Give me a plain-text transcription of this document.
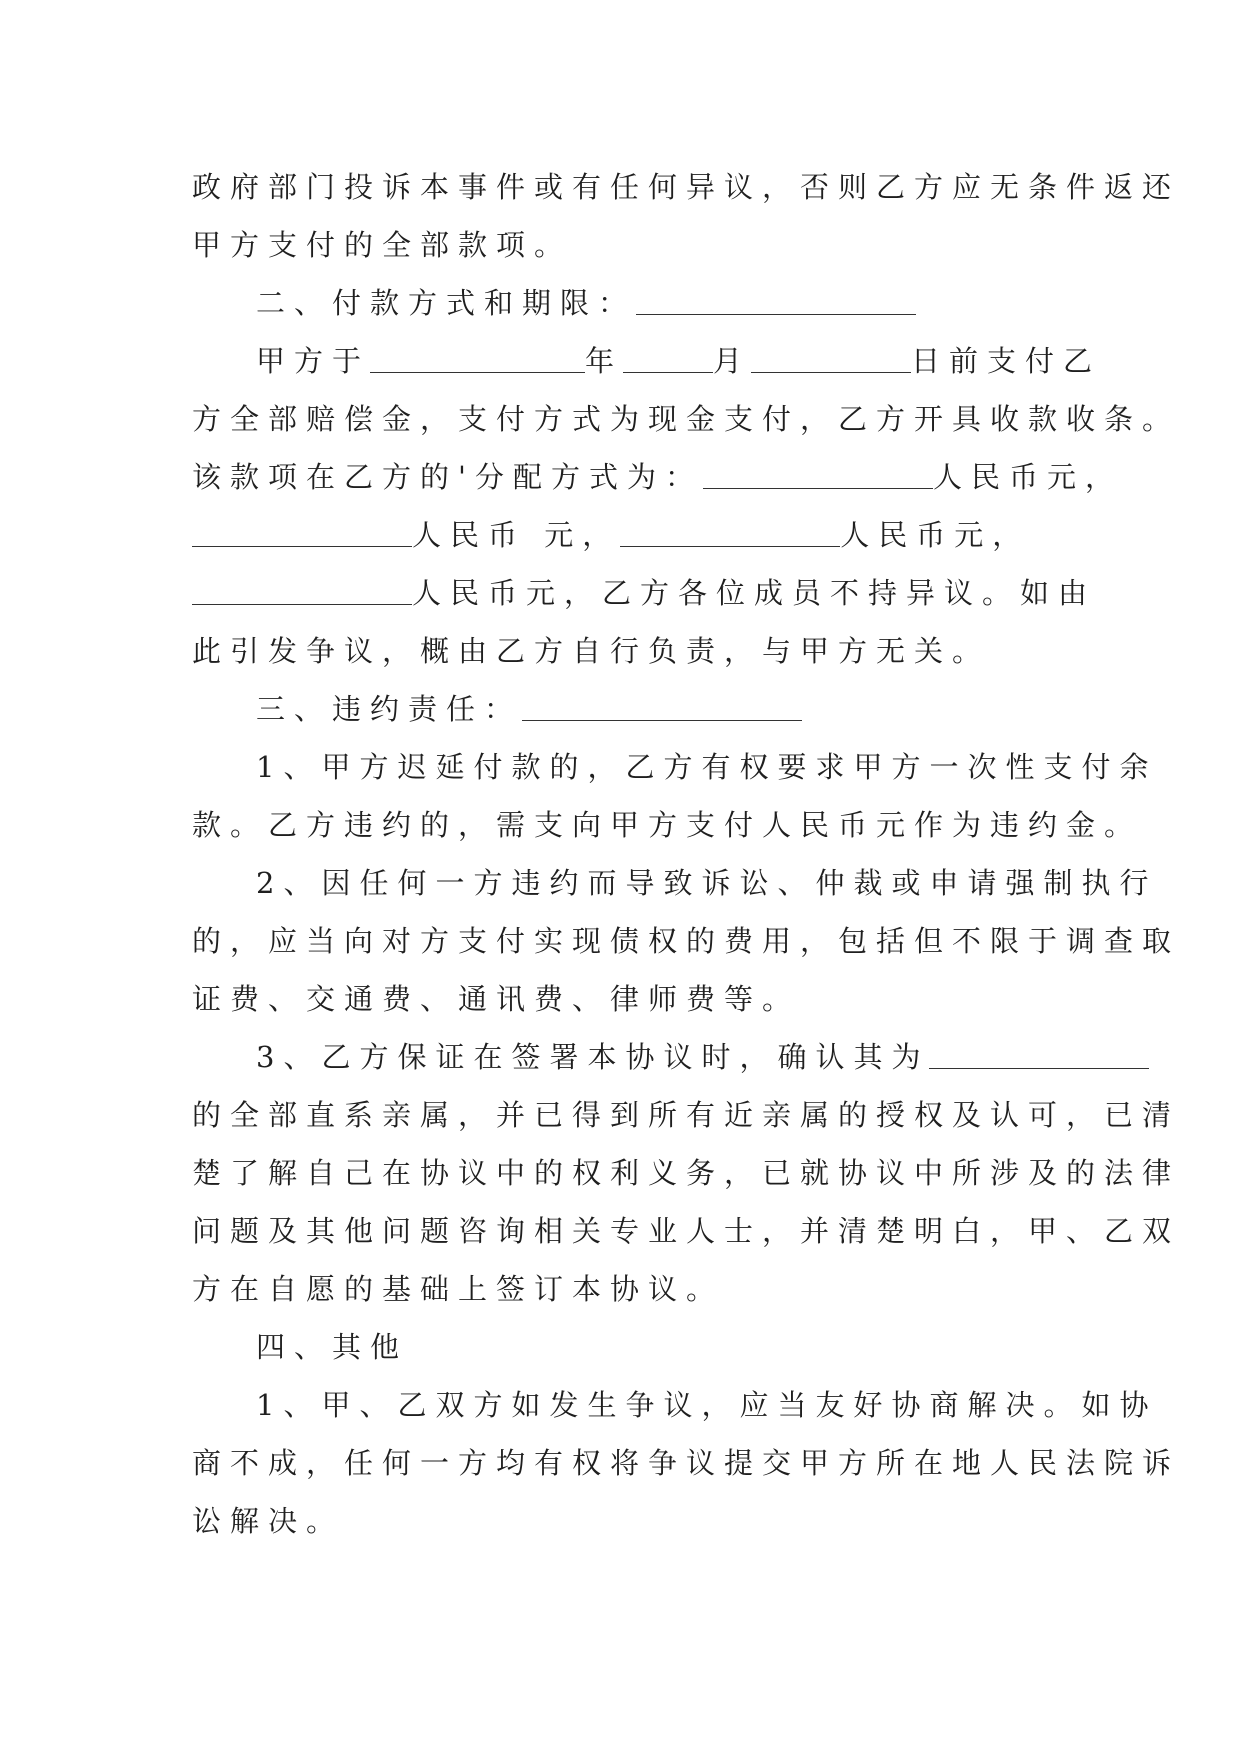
政府部门投诉本事件或有任何异议，否则乙方应无条件返还
甲方支付的全部款项。
二、付款方式和期限：
甲方于	年	月	日前支付乙
方全部赔偿金，支付方式为现金支付，乙方开具收款收条。
该款项在乙方的'分配方式为：	人民币元，
人民币 元，	人民币元，
人民币元，乙方各位成员不持异议。如由
此引发争议，概由乙方自行负责，与甲方无关。
三、违约责任：
1、甲方迟延付款的，乙方有权要求甲方一次性支付余
款。乙方违约的，需支向甲方支付人民币元作为违约金。
2、因任何一方违约而导致诉讼、仲裁或申请强制执行
的，应当向对方支付实现债权的费用，包括但不限于调查取
证费、交通费、通讯费、律师费等。
3、乙方保证在签署本协议时，确认其为
的全部直系亲属，并已得到所有近亲属的授权及认可，已清
楚了解自己在协议中的权利义务，已就协议中所涉及的法律
问题及其他问题咨询相关专业人士，并清楚明白，甲、乙双
方在自愿的基础上签订本协议。
四、其他
1、甲、乙双方如发生争议，应当友好协商解决。如协
商不成，任何一方均有权将争议提交甲方所在地人民法院诉
讼解决。
